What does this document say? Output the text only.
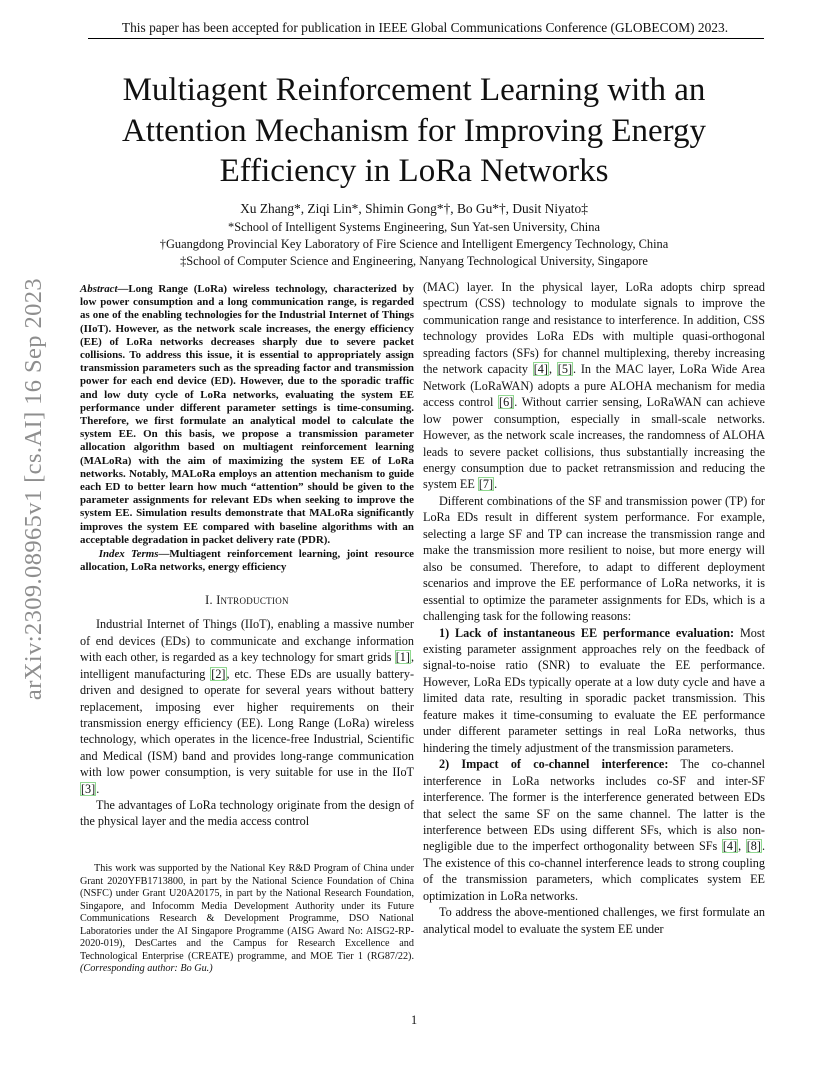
This paper has been accepted for publication in IEEE Global Communications Conference (GLOBECOM) 2023.
arXiv:2309.08965v1 [cs.AI] 16 Sep 2023
Multiagent Reinforcement Learning with an Attention Mechanism for Improving Energy Efficiency in LoRa Networks
Xu Zhang*, Ziqi Lin*, Shimin Gong*†, Bo Gu*†, Dusit Niyato‡
*School of Intelligent Systems Engineering, Sun Yat-sen University, China
†Guangdong Provincial Key Laboratory of Fire Science and Intelligent Emergency Technology, China
‡School of Computer Science and Engineering, Nanyang Technological University, Singapore

Abstract—Long Range (LoRa) wireless technology, characterized by low power consumption and a long communication range, is regarded as one of the enabling technologies for the Industrial Internet of Things (IIoT). However, as the network scale increases, the energy efficiency (EE) of LoRa networks decreases sharply due to severe packet collisions. To address this issue, it is essential to appropriately assign transmission parameters such as the spreading factor and transmission power for each end device (ED). However, due to the sporadic traffic and low duty cycle of LoRa networks, evaluating the system EE performance under different parameter settings is time-consuming. Therefore, we first formulate an analytical model to calculate the system EE. On this basis, we propose a transmission parameter allocation algorithm based on multiagent reinforcement learning (MALoRa) with the aim of maximizing the system EE of LoRa networks. Notably, MALoRa employs an attention mechanism to guide each ED to better learn how much “attention” should be given to the parameter assignments for relevant EDs when seeking to improve the system EE. Simulation results demonstrate that MALoRa significantly improves the system EE compared with baseline algorithms with an acceptable degradation in packet delivery rate (PDR).

Index Terms—Multiagent reinforcement learning, joint resource allocation, LoRa networks, energy efficiency

I. Introduction

Industrial Internet of Things (IIoT), enabling a massive number of end devices (EDs) to communicate and exchange information with each other, is regarded as a key technology for smart grids [1], intelligent manufacturing [2], etc. These EDs are usually battery-driven and designed to operate for several years without battery replacement, imposing ever higher requirements on their transmission energy efficiency (EE). Long Range (LoRa) wireless technology, which operates in the licence-free Industrial, Scientific and Medical (ISM) band and provides long-range communication with low power consumption, is very suitable for use in the IIoT [3].

The advantages of LoRa technology originate from the design of the physical layer and the media access control

This work was supported by the National Key R&D Program of China under Grant 2020YFB1713800, in part by the National Science Foundation of China (NSFC) under Grant U20A20175, in part by the National Research Foundation, Singapore, and Infocomm Media Development Authority under its Future Communications Research & Development Programme, DSO National Laboratories under the AI Singapore Programme (AISG Award No: AISG2-RP-2020-019), DesCartes and the Campus for Research Excellence and Technological Enterprise (CREATE) programme, and MOE Tier 1 (RG87/22). (Corresponding author: Bo Gu.)

(MAC) layer. In the physical layer, LoRa adopts chirp spread spectrum (CSS) technology to modulate signals to improve the communication range and resistance to interference. In addition, CSS technology provides LoRa EDs with multiple quasi-orthogonal spreading factors (SFs) for channel multiplexing, thereby increasing the network capacity [4], [5]. In the MAC layer, LoRa Wide Area Network (LoRaWAN) adopts a pure ALOHA mechanism for media access control [6]. Without carrier sensing, LoRaWAN can achieve low power consumption, especially in small-scale networks. However, as the network scale increases, the randomness of ALOHA leads to severe packet collisions, thus substantially increasing the energy consumption due to packet retransmission and reducing the system EE [7].

Different combinations of the SF and transmission power (TP) for LoRa EDs result in different system performance. For example, selecting a large SF and TP can increase the transmission range and make the transmission more resilient to noise, but more energy will also be consumed. Therefore, to adapt to different deployment scenarios and improve the EE performance of LoRa networks, it is essential to optimize the parameter assignments for EDs, which is a challenging task for the following reasons:

1) Lack of instantaneous EE performance evaluation: Most existing parameter assignment approaches rely on the feedback of signal-to-noise ratio (SNR) to evaluate the EE performance. However, LoRa EDs typically operate at a low duty cycle and have a limited data rate, resulting in sporadic packet transmission. This feature makes it time-consuming to evaluate the EE performance under different parameter settings in real LoRa networks, thus hindering the timely adjustment of the transmission parameters.

2) Impact of co-channel interference: The co-channel interference in LoRa networks includes co-SF and inter-SF interference. The former is the interference generated between EDs that select the same SF on the same channel. The latter is the interference between EDs using different SFs, which is also non-negligible due to the imperfect orthogonality between SFs [4], [8]. The existence of this co-channel interference leads to strong coupling of the transmission parameters, which complicates system EE optimization in LoRa networks.

To address the above-mentioned challenges, we first formulate an analytical model to evaluate the system EE under

1
